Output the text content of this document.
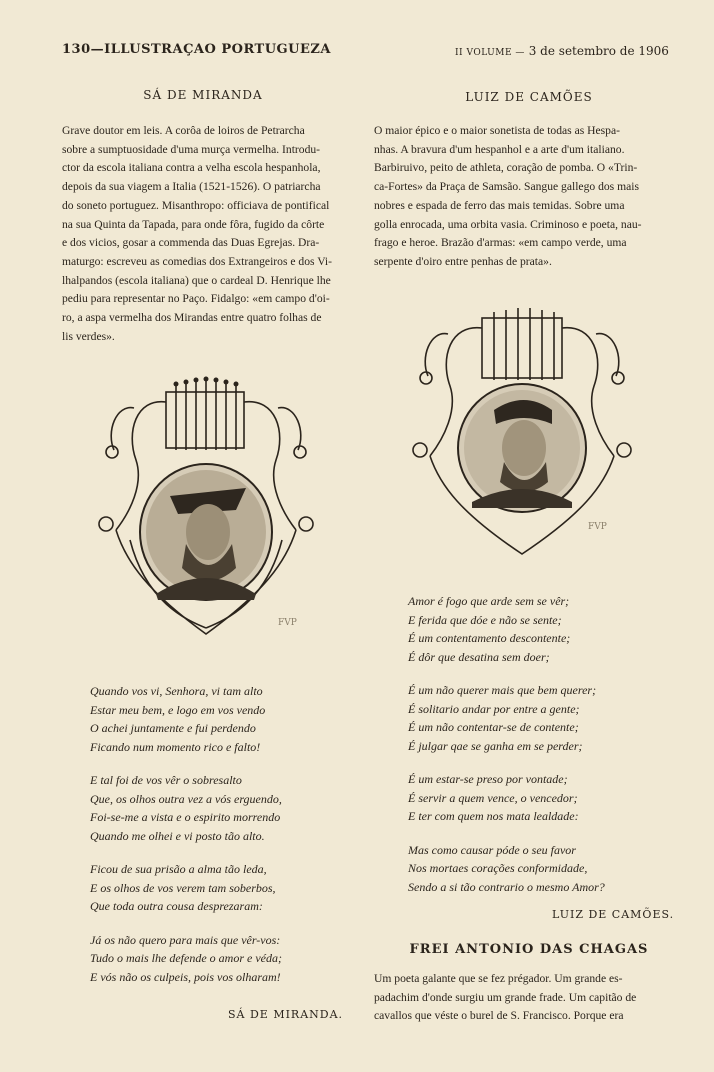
130—ILLUSTRAÇAO PORTUGUEZA	II VOLUME — 3 de setembro de 1906
SÁ DE MIRANDA
Grave doutor em leis. A corôa de loiros de Petrarcha
sobre a sumptuosidade d'uma murça vermelha. Introdu-
ctor da escola italiana contra a velha escola hespanhola,
depois da sua viagem a Italia (1521-1526). O patriarcha
do soneto portuguez. Misanthropo: officiava de pontifical
na sua Quinta da Tapada, para onde fôra, fugido da côrte
e dos vicios, gosar a commenda das Duas Egrejas. Dra-
maturgo: escreveu as comedias dos Extrangeiros e dos Vi-
lhalpandos (escola italiana) que o cardeal D. Henrique lhe
pediu para representar no Paço. Fidalgo: «em campo d'oi-
ro, a aspa vermelha dos Mirandas entre quatro folhas de
lis verdes».
Quando vos vi, Senhora, vi tam alto
Estar meu bem, e logo em vos vendo
O achei juntamente e fui perdendo
Ficando num momento rico e falto!
E tal foi de vos vêr o sobresalto
Que, os olhos outra vez a vós erguendo,
Foi-se-me a vista e o espirito morrendo
Quando me olhei e vi posto tão alto.
Ficou de sua prisão a alma tão leda,
E os olhos de vos verem tam soberbos,
Que toda outra cousa desprezaram:
Já os não quero para mais que vêr-vos:
Tudo o mais lhe defende o amor e véda;
E vós não os culpeis, pois vos olharam!
SÁ DE MIRANDA.
LUIZ DE CAMÕES
O maior épico e o maior sonetista de todas as Hespa-
nhas. A bravura d'um hespanhol e a arte d'um italiano.
Barbiruivo, peito de athleta, coração de pomba. O «Trin-
ca-Fortes» da Praça de Samsão. Sangue gallego dos mais
nobres e espada de ferro das mais temidas. Sobre uma
golla enrocada, uma orbita vasia. Criminoso e poeta, nau-
frago e heroe. Brazão d'armas: «em campo verde, uma
serpente d'oiro entre penhas de prata».
FVP
FVP
Amor é fogo que arde sem se vêr;
E ferida que dóe e não se sente;
É um contentamento descontente;
É dôr que desatina sem doer;
É um não querer mais que bem querer;
É solitario andar por entre a gente;
É um não contentar-se de contente;
É julgar qae se ganha em se perder;
É um estar-se preso por vontade;
É servir a quem vence, o vencedor;
E ter com quem nos mata lealdade:
Mas como causar póde o seu favor
Nos mortaes corações conformidade,
Sendo a si tão contrario o mesmo Amor?
LUIZ DE CAMÕES.
FREI ANTONIO DAS CHAGAS
Um poeta galante que se fez prégador. Um grande es-
padachim d'onde surgiu um grande frade. Um capitão de
cavallos que véste o burel de S. Francisco. Porque era
